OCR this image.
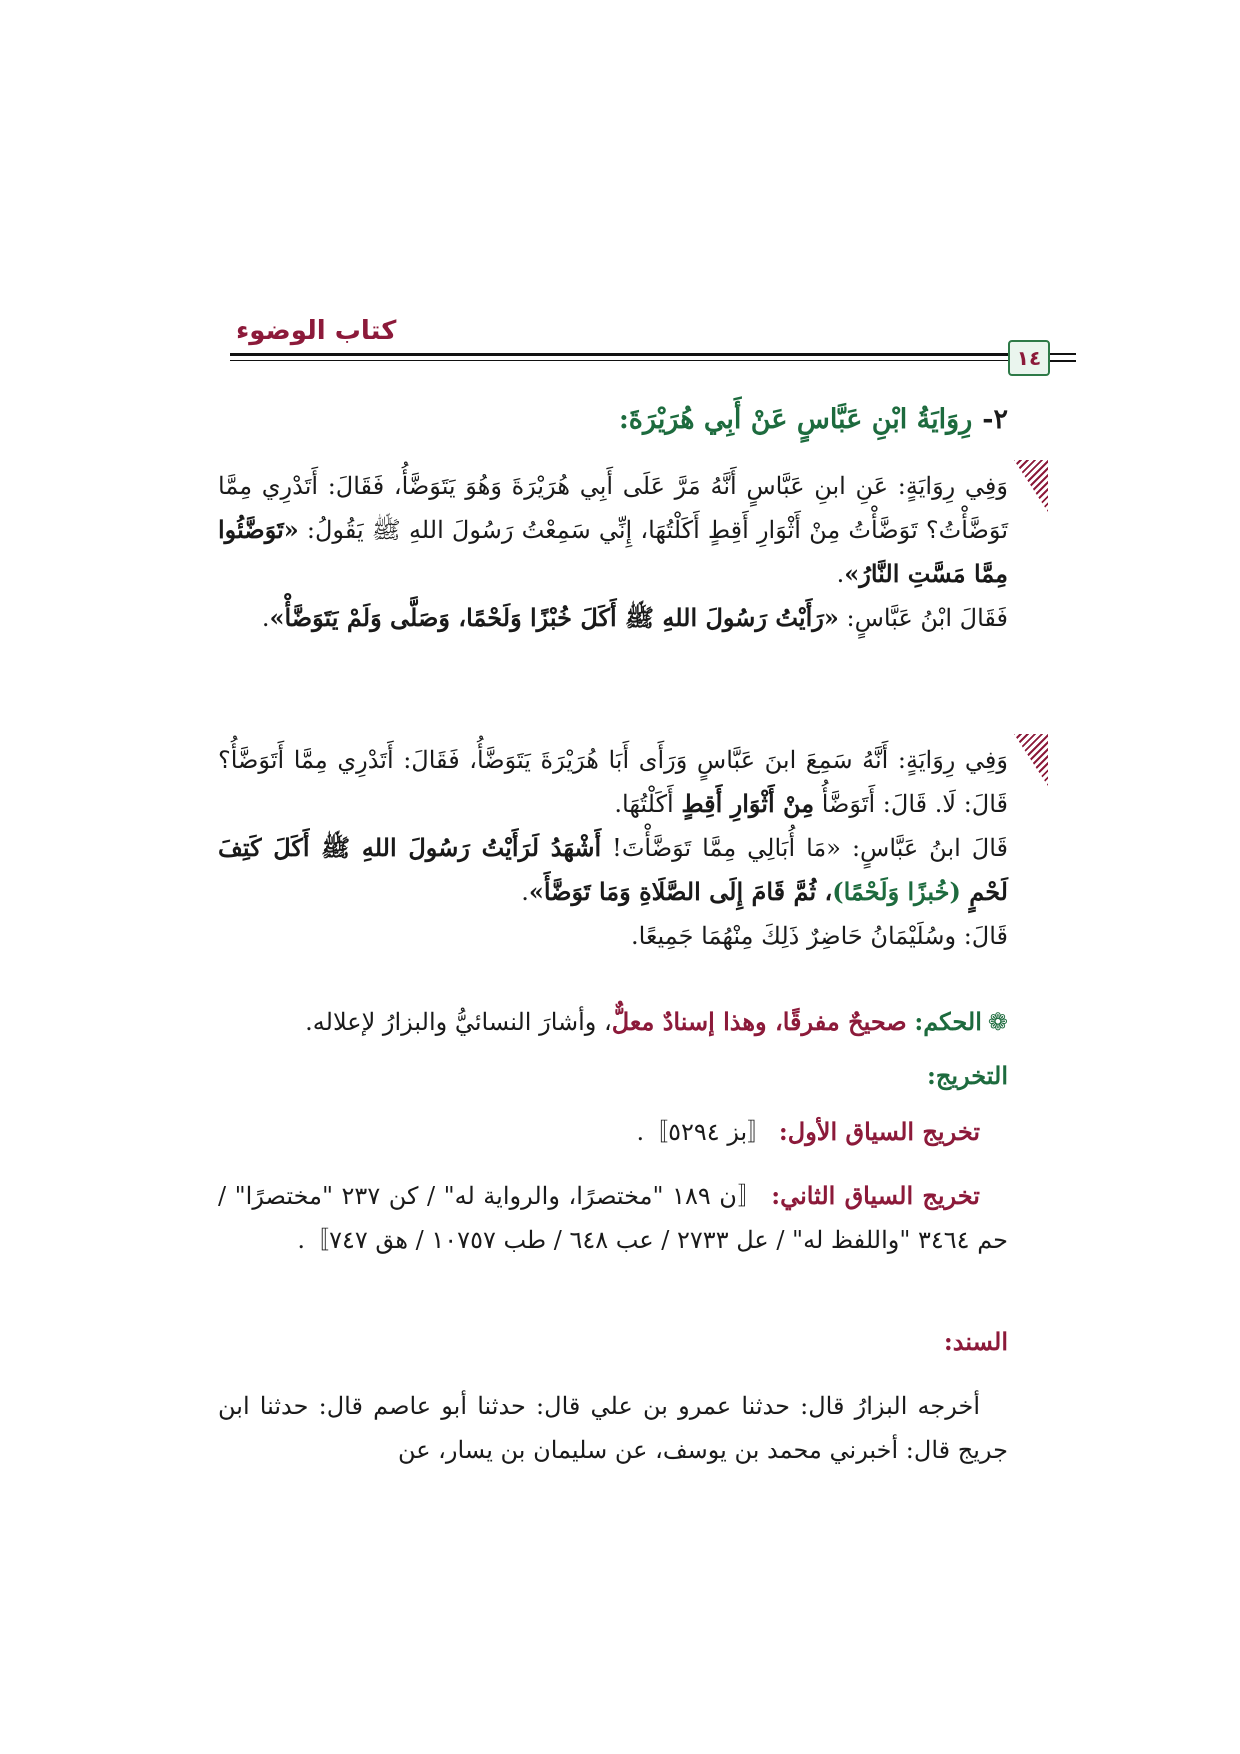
كتاب الوضوء
١٤
٢-رِوَايَةُ ابْنِ عَبَّاسٍ عَنْ أَبِي هُرَيْرَةَ:

وَفِي رِوَايَةٍ: عَنِ ابنِ عَبَّاسٍ أَنَّهُ مَرَّ عَلَى أَبِي هُرَيْرَةَ وَهُوَ يَتَوَضَّأُ، فَقَالَ: أَتَدْرِي مِمَّا تَوَضَّأْتُ؟ تَوَضَّأْتُ مِنْ أَثْوَارِ أَقِطٍ أَكَلْتُهَا، إِنِّي سَمِعْتُ رَسُولَ اللهِ ﷺ يَقُولُ: «تَوَضَّئُوا مِمَّا مَسَّتِ النَّارُ».

فَقَالَ ابْنُ عَبَّاسٍ: «رَأَيْتُ رَسُولَ اللهِ ﷺ أَكَلَ خُبْزًا وَلَحْمًا، وَصَلَّى وَلَمْ يَتَوَضَّأْ».

وَفِي رِوَايَةٍ: أَنَّهُ سَمِعَ ابنَ عَبَّاسٍ وَرَأَى أَبَا هُرَيْرَةَ يَتَوَضَّأُ، فَقَالَ: أَتَدْرِي مِمَّا أَتَوَضَّأُ؟ قَالَ: لَا. قَالَ: أَتَوَضَّأُ مِنْ أَثْوَارِ أَقِطٍ أَكَلْتُهَا.

قَالَ ابنُ عَبَّاسٍ: «مَا أُبَالِي مِمَّا تَوَضَّأْتَ! أَشْهَدُ لَرَأَيْتُ رَسُولَ اللهِ ﷺ أَكَلَ كَتِفَ لَحْمٍ (خُبزًا وَلَحْمًا)، ثُمَّ قَامَ إِلَى الصَّلَاةِ وَمَا تَوَضَّأَ».

قَالَ: وسُلَيْمَانُ حَاضِرٌ ذَلِكَ مِنْهُمَا جَمِيعًا.

❁الحكم: صحيحٌ مفرقًا، وهذا إسنادٌ معلٌّ، وأشارَ النسائيُّ والبزارُ لإعلاله.

التخريج:

تخريج السياق الأول: 〚بز ٥٢٩٤〛.

تخريج السياق الثاني: 〚ن ١٨٩ "مختصرًا، والرواية له" / كن ٢٣٧ "مختصرًا" / حم ٣٤٦٤ "واللفظ له" / عل ٢٧٣٣ / عب ٦٤٨ / طب ١٠٧٥٧ / هق ٧٤٧〛.

السند:

أخرجه البزارُ قال: حدثنا عمرو بن علي قال: حدثنا أبو عاصم قال: حدثنا ابن جريج قال: أخبرني محمد بن يوسف، عن سليمان بن يسار، عن
